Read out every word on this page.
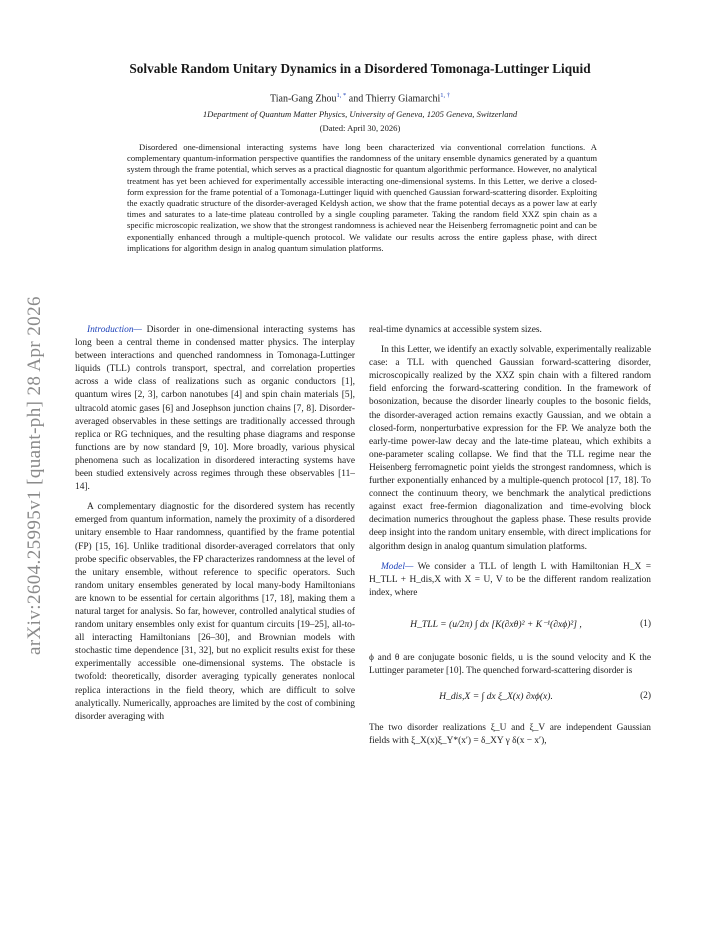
arXiv:2604.25995v1 [quant-ph] 28 Apr 2026
Solvable Random Unitary Dynamics in a Disordered Tomonaga-Luttinger Liquid
Tian-Gang Zhou$^{1, *}$ and Thierry Giamarchi$^{1, \dagger}$
1Department of Quantum Matter Physics, University of Geneva, 1205 Geneva, Switzerland
(Dated: April 30, 2026)

Disordered one-dimensional interacting systems have long been characterized via conventional correlation functions. A complementary quantum-information perspective quantifies the randomness of the unitary ensemble dynamics generated by a quantum system through the frame potential, which serves as a practical diagnostic for quantum algorithmic performance. However, no analytical treatment has yet been achieved for experimentally accessible interacting one-dimensional systems. In this Letter, we derive a closed-form expression for the frame potential of a Tomonaga-Luttinger liquid with quenched Gaussian forward-scattering disorder. Exploiting the exactly quadratic structure of the disorder-averaged Keldysh action, we show that the frame potential decays as a power law at early times and saturates to a late-time plateau controlled by a single coupling parameter. Taking the random field XXZ spin chain as a specific microscopic realization, we show that the strongest randomness is achieved near the Heisenberg ferromagnetic point and can be exponentially enhanced through a multiple-quench protocol. We validate our results across the entire gapless phase, with direct implications for algorithm design in analog quantum simulation platforms.

Introduction— Disorder in one-dimensional interacting systems has long been a central theme in condensed matter physics. The interplay between interactions and quenched randomness in Tomonaga-Luttinger liquids (TLL) controls transport, spectral, and correlation properties across a wide class of realizations such as organic conductors [1], quantum wires [2, 3], carbon nanotubes [4] and spin chain materials [5], ultracold atomic gases [6] and Josephson junction chains [7, 8]. Disorder-averaged observables in these settings are traditionally accessed through replica or RG techniques, and the resulting phase diagrams and response functions are by now standard [9, 10]. More broadly, various physical phenomena such as localization in disordered interacting systems have been studied extensively across regimes through these observables [11–14].

A complementary diagnostic for the disordered system has recently emerged from quantum information, namely the proximity of a disordered unitary ensemble to Haar randomness, quantified by the frame potential (FP) [15, 16]. Unlike traditional disorder-averaged correlators that only probe specific observables, the FP characterizes randomness at the level of the unitary ensemble, without reference to specific operators. Such random unitary ensembles generated by local many-body Hamiltonians are known to be essential for certain algorithms [17, 18], making them a natural target for analysis. So far, however, controlled analytical studies of random unitary ensembles only exist for quantum circuits [19–25], all-to-all interacting Hamiltonians [26–30], and Brownian models with stochastic time dependence [31, 32], but no explicit results exist for these experimentally accessible one-dimensional systems. The obstacle is twofold: theoretically, disorder averaging typically generates nonlocal replica interactions in the field theory, which are difficult to solve analytically. Numerically, approaches are limited by the cost of combining disorder averaging with

real-time dynamics at accessible system sizes.

In this Letter, we identify an exactly solvable, experimentally realizable case: a TLL with quenched Gaussian forward-scattering disorder, microscopically realized by the XXZ spin chain with a filtered random field enforcing the forward-scattering condition. In the framework of bosonization, because the disorder linearly couples to the bosonic fields, the disorder-averaged action remains exactly Gaussian, and we obtain a closed-form, nonperturbative expression for the FP. We analyze both the early-time power-law decay and the late-time plateau, which exhibits a one-parameter scaling collapse. We find that the TLL regime near the Heisenberg ferromagnetic point yields the strongest randomness, which is further exponentially enhanced by a multiple-quench protocol [17, 18]. To connect the continuum theory, we benchmark the analytical predictions against exact free-fermion diagonalization and time-evolving block decimation numerics throughout the gapless phase. These results provide deep insight into the random unitary ensemble, with direct implications for algorithm design in analog quantum simulation platforms.

Model— We consider a TLL of length L with Hamiltonian H_X = H_TLL + H_dis,X with X = U, V to be the different random realization index, where

H_TLL = (u/2π) ∫ dx [K(∂xθ)² + K⁻¹(∂xϕ)²] ,	(1)

ϕ and θ are conjugate bosonic fields, u is the sound velocity and K the Luttinger parameter [10]. The quenched forward-scattering disorder is

H_dis,X = ∫ dx ξ_X(x) ∂xϕ(x).	(2)

The two disorder realizations ξ_U and ξ_V are independent Gaussian fields with ξ_X(x)ξ_Y*(x′) = δ_XY γ δ(x − x′),
